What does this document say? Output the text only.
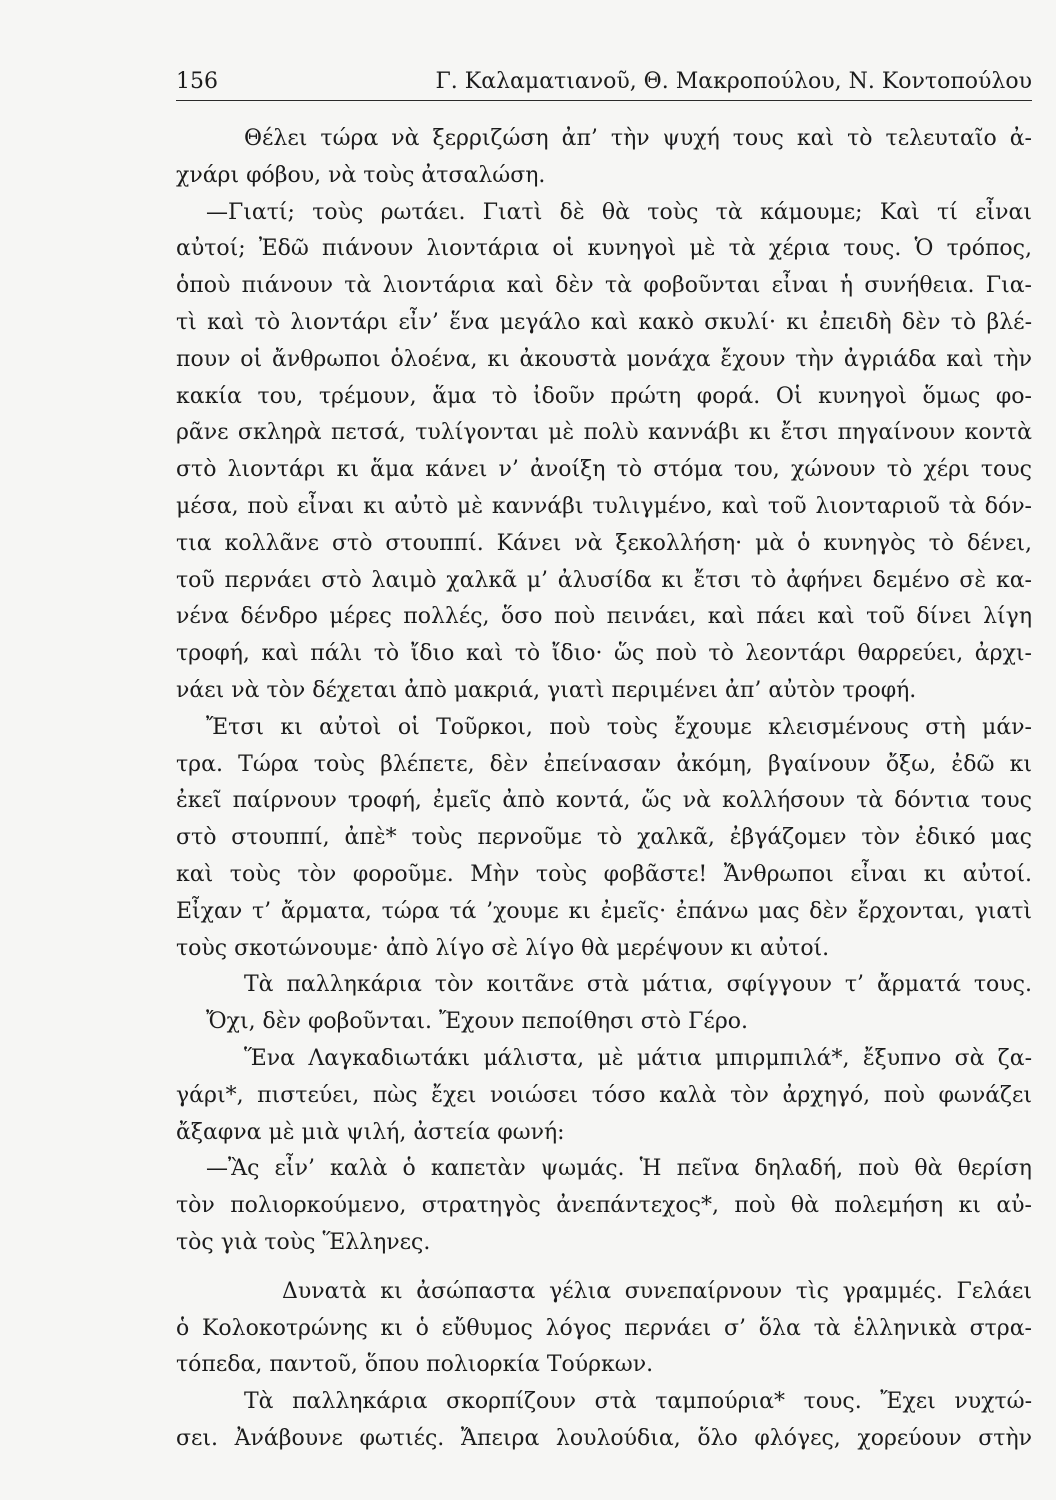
156	Γ. Καλαματιανοῦ, Θ. Μακροπούλου, Ν. Κοντοπούλου
Θέλει τώρα νὰ ξερριζώση ἀπ’ τὴν ψυχή τους καὶ τὸ τελευταῖο ἀ-
χνάρι φόβου, νὰ τοὺς ἀτσαλώση.
—Γιατί; τοὺς ρωτάει. Γιατὶ δὲ θὰ τοὺς τὰ κάμουμε; Καὶ τί εἶναι
αὐτοί; Ἐδῶ πιάνουν λιοντάρια οἱ κυνηγοὶ μὲ τὰ χέρια τους. Ὁ τρόπος,
ὁποὺ πιάνουν τὰ λιοντάρια καὶ δὲν τὰ φοβοῦνται εἶναι ἡ συνήθεια. Για-
τὶ καὶ τὸ λιοντάρι εἶν’ ἕνα μεγάλο καὶ κακὸ σκυλί· κι ἐπειδὴ δὲν τὸ βλέ-
πουν οἱ ἄνθρωποι ὁλοένα, κι ἀκουστὰ μονάχα ἔχουν τὴν ἀγριάδα καὶ τὴν
κακία του, τρέμουν, ἅμα τὸ ἰδοῦν πρώτη φορά. Οἱ κυνηγοὶ ὅμως φο-
ρᾶνε σκληρὰ πετσά, τυλίγονται μὲ πολὺ καννάβι κι ἔτσι πηγαίνουν κοντὰ
στὸ λιοντάρι κι ἅμα κάνει ν’ ἀνοίξη τὸ στόμα του, χώνουν τὸ χέρι τους
μέσα, ποὺ εἶναι κι αὐτὸ μὲ καννάβι τυλιγμένο, καὶ τοῦ λιονταριοῦ τὰ δόν-
τια κολλᾶνε στὸ στουππί. Κάνει νὰ ξεκολλήση· μὰ ὁ κυνηγὸς τὸ δένει,
τοῦ περνάει στὸ λαιμὸ χαλκᾶ μ’ ἀλυσίδα κι ἔτσι τὸ ἀφήνει δεμένο σὲ κα-
νένα δένδρο μέρες πολλές, ὅσο ποὺ πεινάει, καὶ πάει καὶ τοῦ δίνει λίγη
τροφή, καὶ πάλι τὸ ἴδιο καὶ τὸ ἴδιο· ὥς ποὺ τὸ λεοντάρι θαρρεύει, ἀρχι-
νάει νὰ τὸν δέχεται ἀπὸ μακριά, γιατὶ περιμένει ἀπ’ αὐτὸν τροφή.
Ἔτσι κι αὐτοὶ οἱ Τοῦρκοι, ποὺ τοὺς ἔχουμε κλεισμένους στὴ μάν-
τρα. Τώρα τοὺς βλέπετε, δὲν ἐπείνασαν ἀκόμη, βγαίνουν ὄξω, ἐδῶ κι
ἐκεῖ παίρνουν τροφή, ἐμεῖς ἀπὸ κοντά, ὥς νὰ κολλήσουν τὰ δόντια τους
στὸ στουππί, ἀπὲ* τοὺς περνοῦμε τὸ χαλκᾶ, ἐβγάζομεν τὸν ἐδικό μας
καὶ τοὺς τὸν φοροῦμε. Μὴν τοὺς φοβᾶστε! Ἄνθρωποι εἶναι κι αὐτοί.
Εἶχαν τ’ ἄρματα, τώρα τά ’χουμε κι ἐμεῖς· ἐπάνω μας δὲν ἔρχονται, γιατὶ
τοὺς σκοτώνουμε· ἀπὸ λίγο σὲ λίγο θὰ μερέψουν κι αὐτοί.
Τὰ παλληκάρια τὸν κοιτᾶνε στὰ μάτια, σφίγγουν τ’ ἄρματά τους.
Ὄχι, δὲν φοβοῦνται. Ἔχουν πεποίθησι στὸ Γέρο.
Ἕνα Λαγκαδιωτάκι μάλιστα, μὲ μάτια μπιρμπιλά*, ἔξυπνο σὰ ζα-
γάρι*, πιστεύει, πὼς ἔχει νοιώσει τόσο καλὰ τὸν ἀρχηγό, ποὺ φωνάζει
ἄξαφνα μὲ μιὰ ψιλή, ἀστεία φωνή:
—Ἂς εἶν’ καλὰ ὁ καπετὰν ψωμάς. Ἡ πεῖνα δηλαδή, ποὺ θὰ θερίση
τὸν πολιορκούμενο, στρατηγὸς ἀνεπάντεχος*, ποὺ θὰ πολεμήση κι αὐ-
τὸς γιὰ τοὺς Ἕλληνες.
Δυνατὰ κι ἀσώπαστα γέλια συνεπαίρνουν τὶς γραμμές. Γελάει
ὁ Κολοκοτρώνης κι ὁ εὔθυμος λόγος περνάει σ’ ὅλα τὰ ἑλληνικὰ στρα-
τόπεδα, παντοῦ, ὅπου πολιορκία Τούρκων.
Τὰ παλληκάρια σκορπίζουν στὰ ταμπούρια* τους. Ἔχει νυχτώ-
σει. Ἀνάβουνε φωτιές. Ἄπειρα λουλούδια, ὅλο φλόγες, χορεύουν στὴν
